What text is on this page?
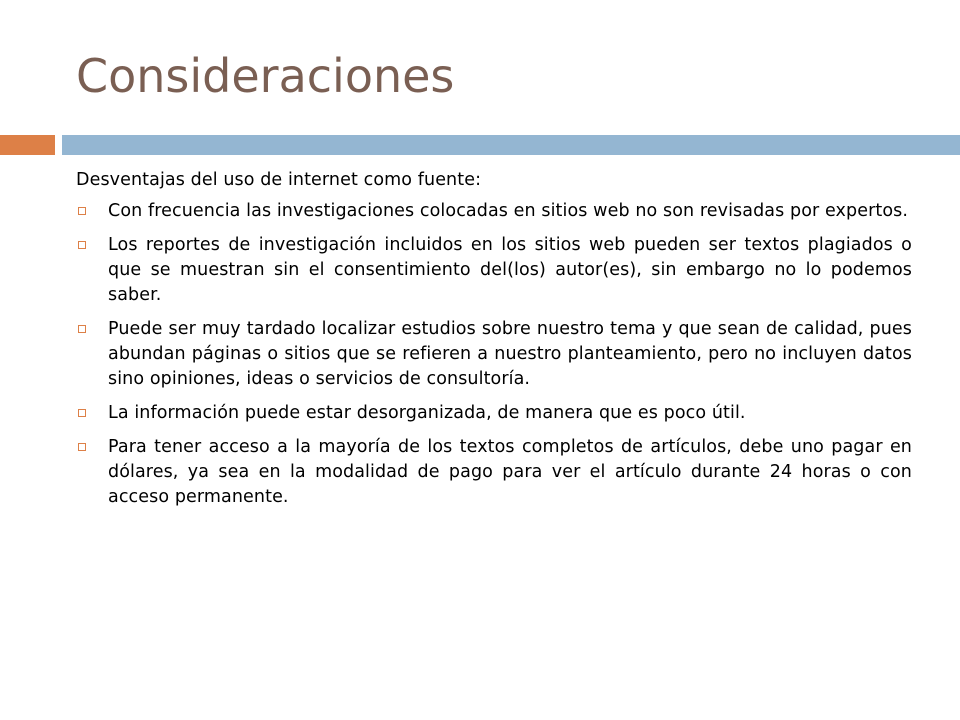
Consideraciones

Desventajas del uso de internet como fuente:

Con frecuencia las investigaciones colocadas en sitios web no son revisadas por expertos.
Los reportes de investigación incluidos en los sitios web pueden ser textos plagiados o que se muestran sin el consentimiento del(los) autor(es), sin embargo no lo podemos saber.
Puede ser muy tardado localizar estudios sobre nuestro tema y que sean de calidad, pues abundan páginas o sitios que se refieren a nuestro planteamiento, pero no incluyen datos sino opiniones, ideas o servicios de consultoría.
La información puede estar desorganizada, de manera que es poco útil.
Para tener acceso a la mayoría de los textos completos de artículos, debe uno pagar en dólares, ya sea en la modalidad de pago para ver el artículo durante 24 horas o con acceso permanente.
